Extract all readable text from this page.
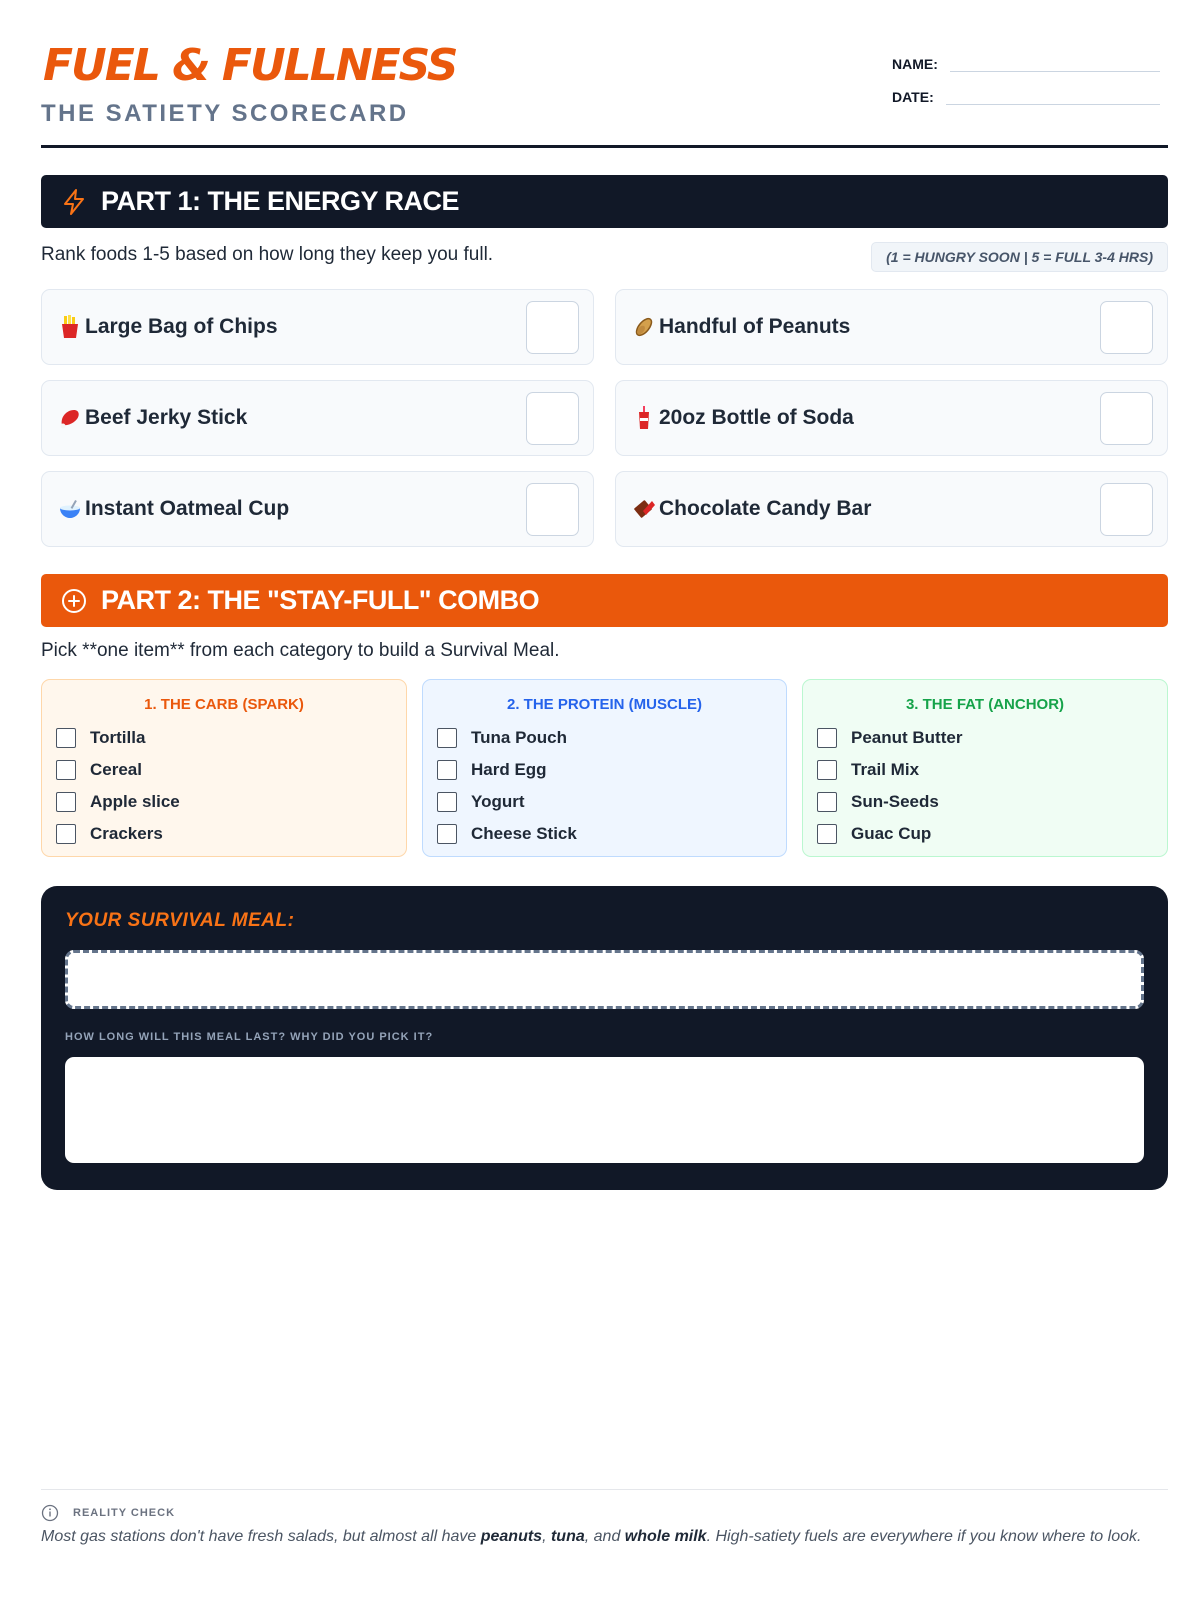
FUEL & FULLNESS
THE SATIETY SCORECARD
NAME:
DATE:
PART 1: THE ENERGY RACE
Rank foods 1-5 based on how long they keep you full.	(1 = HUNGRY SOON | 5 = FULL 3-4 HRS)
Large Bag of Chips	Handful of Peanuts
Beef Jerky Stick	20oz Bottle of Soda
Instant Oatmeal Cup	Chocolate Candy Bar
PART 2: THE "STAY-FULL" COMBO
Pick **one item** from each category to build a Survival Meal.
1. THE CARB (SPARK)
Tortilla
Cereal
Apple slice
Crackers
2. THE PROTEIN (MUSCLE)
Tuna Pouch
Hard Egg
Yogurt
Cheese Stick
3. THE FAT (ANCHOR)
Peanut Butter
Trail Mix
Sun-Seeds
Guac Cup
YOUR SURVIVAL MEAL:
HOW LONG WILL THIS MEAL LAST? WHY DID YOU PICK IT?
REALITY CHECK
Most gas stations don't have fresh salads, but almost all have peanuts, tuna, and whole milk. High-satiety fuels are everywhere if you know where to look.
